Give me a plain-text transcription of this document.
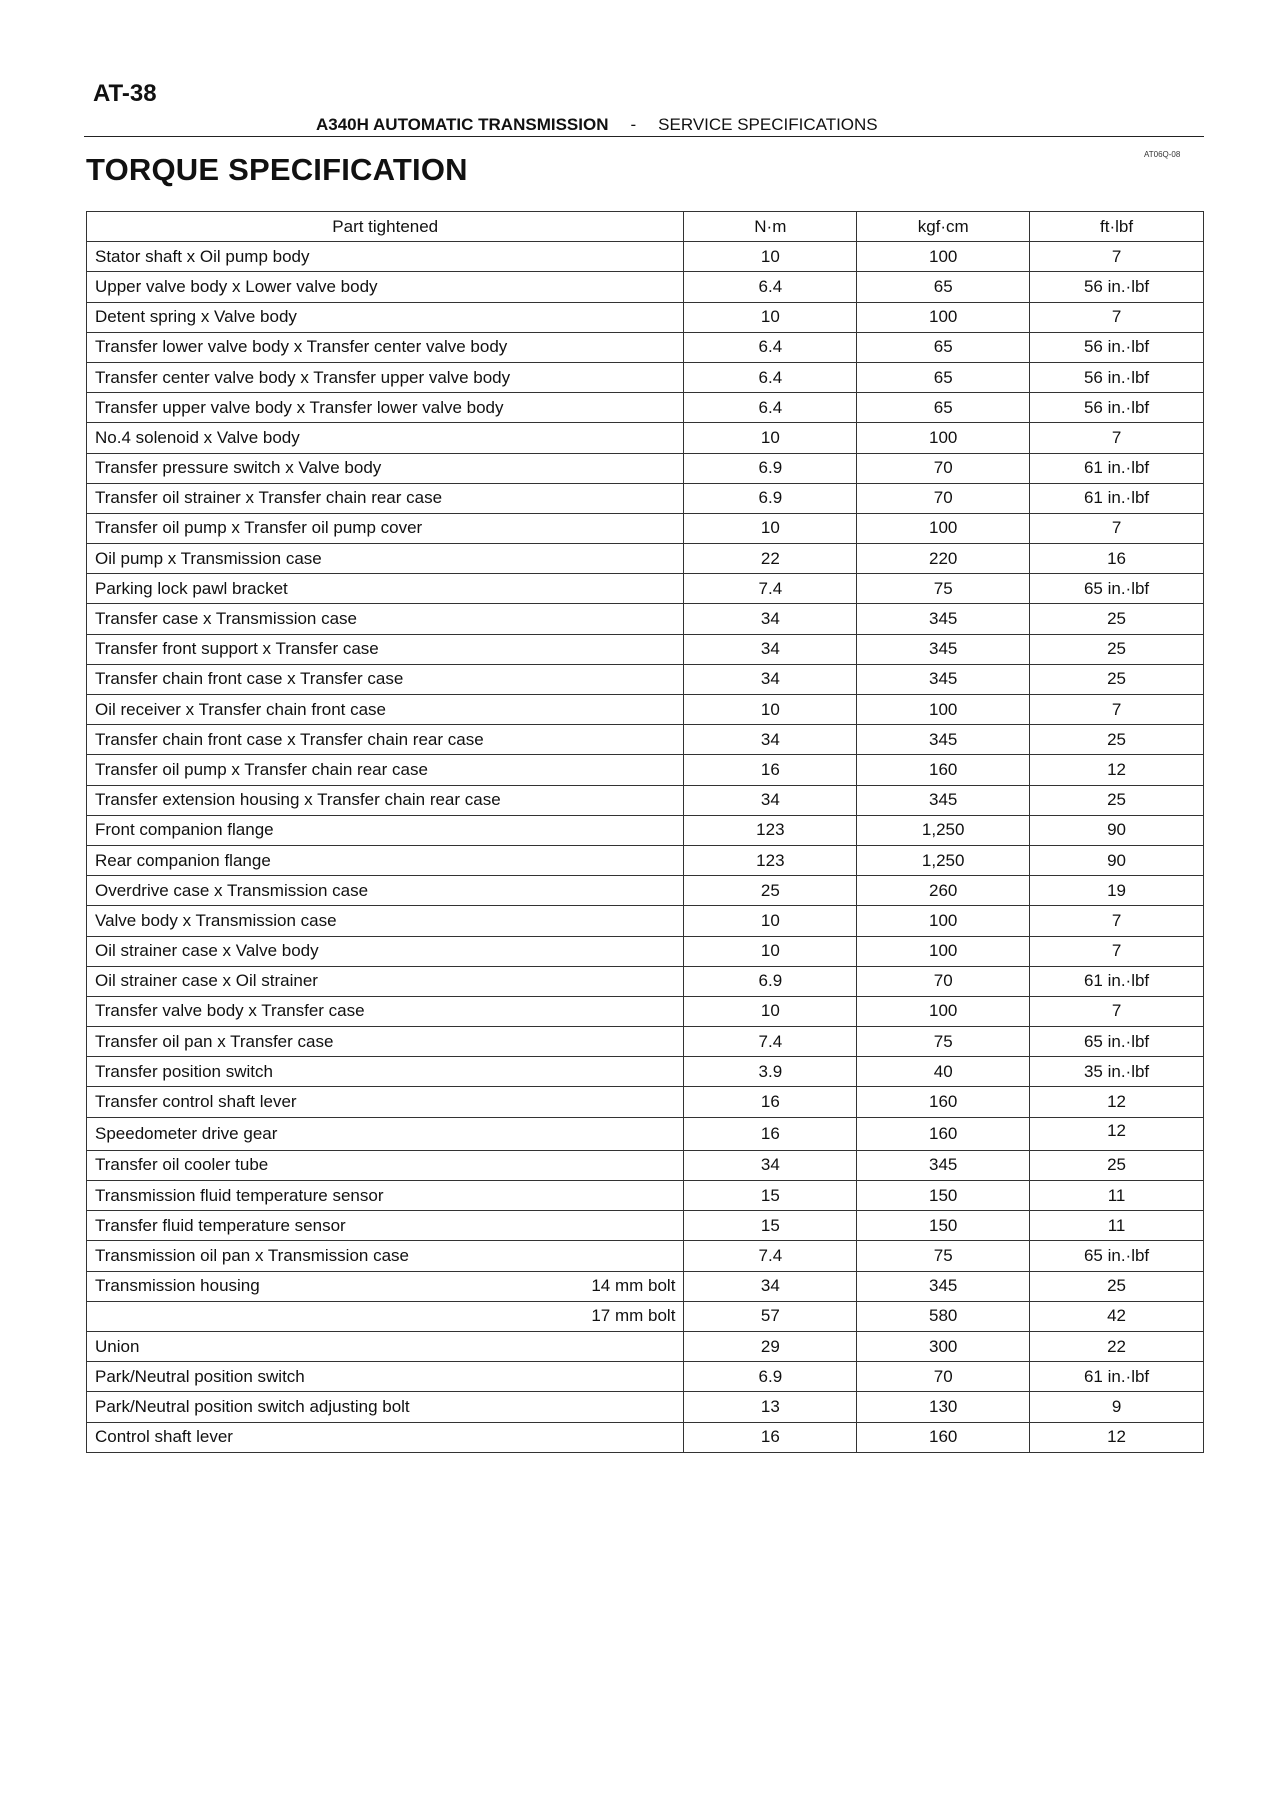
AT-38
A340H AUTOMATIC TRANSMISSION - SERVICE SPECIFICATIONS
TORQUE SPECIFICATION	AT06Q-08
Part tightened	N·m	kgf·cm	ft·lbf
Stator shaft x Oil pump body	10	100	7
Upper valve body x Lower valve body	6.4	65	56 in.·lbf
Detent spring x Valve body	10	100	7
Transfer lower valve body x Transfer center valve body	6.4	65	56 in.·lbf
Transfer center valve body x Transfer upper valve body	6.4	65	56 in.·lbf
Transfer upper valve body x Transfer lower valve body	6.4	65	56 in.·lbf
No.4 solenoid x Valve body	10	100	7
Transfer pressure switch x Valve body	6.9	70	61 in.·lbf
Transfer oil strainer x Transfer chain rear case	6.9	70	61 in.·lbf
Transfer oil pump x Transfer oil pump cover	10	100	7
Oil pump x Transmission case	22	220	16
Parking lock pawl bracket	7.4	75	65 in.·lbf
Transfer case x Transmission case	34	345	25
Transfer front support x Transfer case	34	345	25
Transfer chain front case x Transfer case	34	345	25
Oil receiver x Transfer chain front case	10	100	7
Transfer chain front case x Transfer chain rear case	34	345	25
Transfer oil pump x Transfer chain rear case	16	160	12
Transfer extension housing x Transfer chain rear case	34	345	25
Front companion flange	123	1,250	90
Rear companion flange	123	1,250	90
Overdrive case x Transmission case	25	260	19
Valve body x Transmission case	10	100	7
Oil strainer case x Valve body	10	100	7
Oil strainer case x Oil strainer	6.9	70	61 in.·lbf
Transfer valve body x Transfer case	10	100	7
Transfer oil pan x Transfer case	7.4	75	65 in.·lbf
Transfer position switch	3.9	40	35 in.·lbf
Transfer control shaft lever	16	160	12
Speedometer drive gear	16	160	12
Transfer oil cooler tube	34	345	25
Transmission fluid temperature sensor	15	150	11
Transfer fluid temperature sensor	15	150	11
Transmission oil pan x Transmission case	7.4	75	65 in.·lbf

Transmission housing 14 mm bolt	34	345	25

17 mm bolt	57	580	42
Union	29	300	22
Park/Neutral position switch	6.9	70	61 in.·lbf
Park/Neutral position switch adjusting bolt	13	130	9
Control shaft lever	16	160	12
